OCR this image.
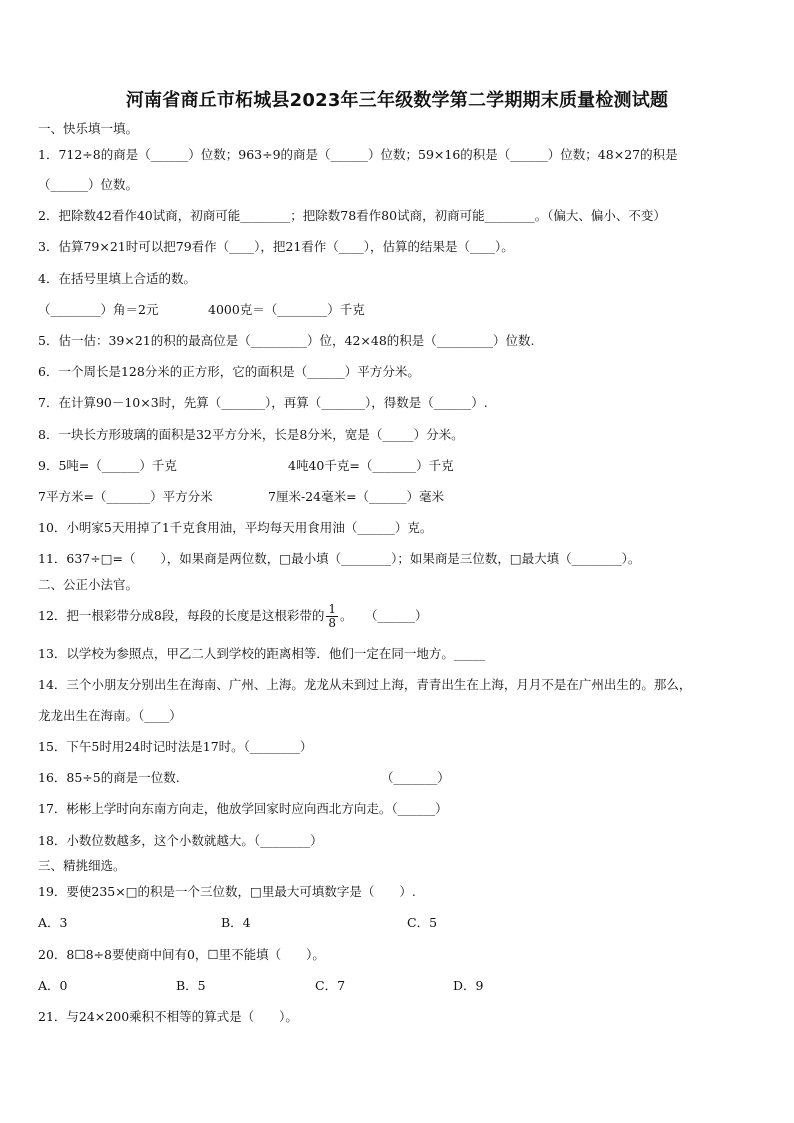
河南省商丘市柘城县2023年三年级数学第二学期期末质量检测试题
一、快乐填一填。
1．712÷8的商是（______）位数；963÷9的商是（______）位数；59×16的积是（______）位数；48×27的积是
（______）位数。
2．把除数42看作40试商，初商可能________；把除数78看作80试商，初商可能________。（偏大、偏小、不变）
3．估算79×21时可以把79看作（____），把21看作（____），估算的结果是（____）。
4．在括号里填上合适的数。
（________）角＝2元	4000克＝（________）千克
5．估一估：39×21的积的最高位是（_________）位，42×48的积是（_________）位数.
6．一个周长是128分米的正方形，它的面积是（______）平方分米。
7．在计算90－10×3时，先算（_______），再算（_______），得数是（______）.
8．一块长方形玻璃的面积是32平方分米，长是8分米，宽是（_____）分米。
9．5吨=（______）千克	4吨40千克=（_______）千克
7平方米=（_______）平方分米	7厘米-24毫米=（______）毫米
10．小明家5天用掉了1千克食用油，平均每天用食用油（______）克。
11．637÷□=（　　），如果商是两位数，□最小填（________）；如果商是三位数，□最大填（________）。
二、公正小法官。
12．把一根彩带分成8段，每段的长度是这根彩带的 $\frac{1}{8}$ 。　　（______）
13．以学校为参照点，甲乙二人到学校的距离相等．他们一定在同一地方。_____
14．三个小朋友分别出生在海南、广州、上海。龙龙从未到过上海，青青出生在上海，月月不是在广州出生的。那么，
龙龙出生在海南。（____）
15．下午5时用24时记时法是17时。（________）
16．85÷5的商是一位数.	（_______）
17．彬彬上学时向东南方向走，他放学回家时应向西北方向走。（______）
18．小数位数越多，这个小数就越大。（________）
三、精挑细选。
19．要使235×□的积是一个三位数，□里最大可填数字是（　　）.
A．3	B．4	C．5
20．8☐8÷8要使商中间有0，☐里不能填（　　）。
A．0	B．5	C．7	D．9
21．与24×200乘积不相等的算式是（　　）。
